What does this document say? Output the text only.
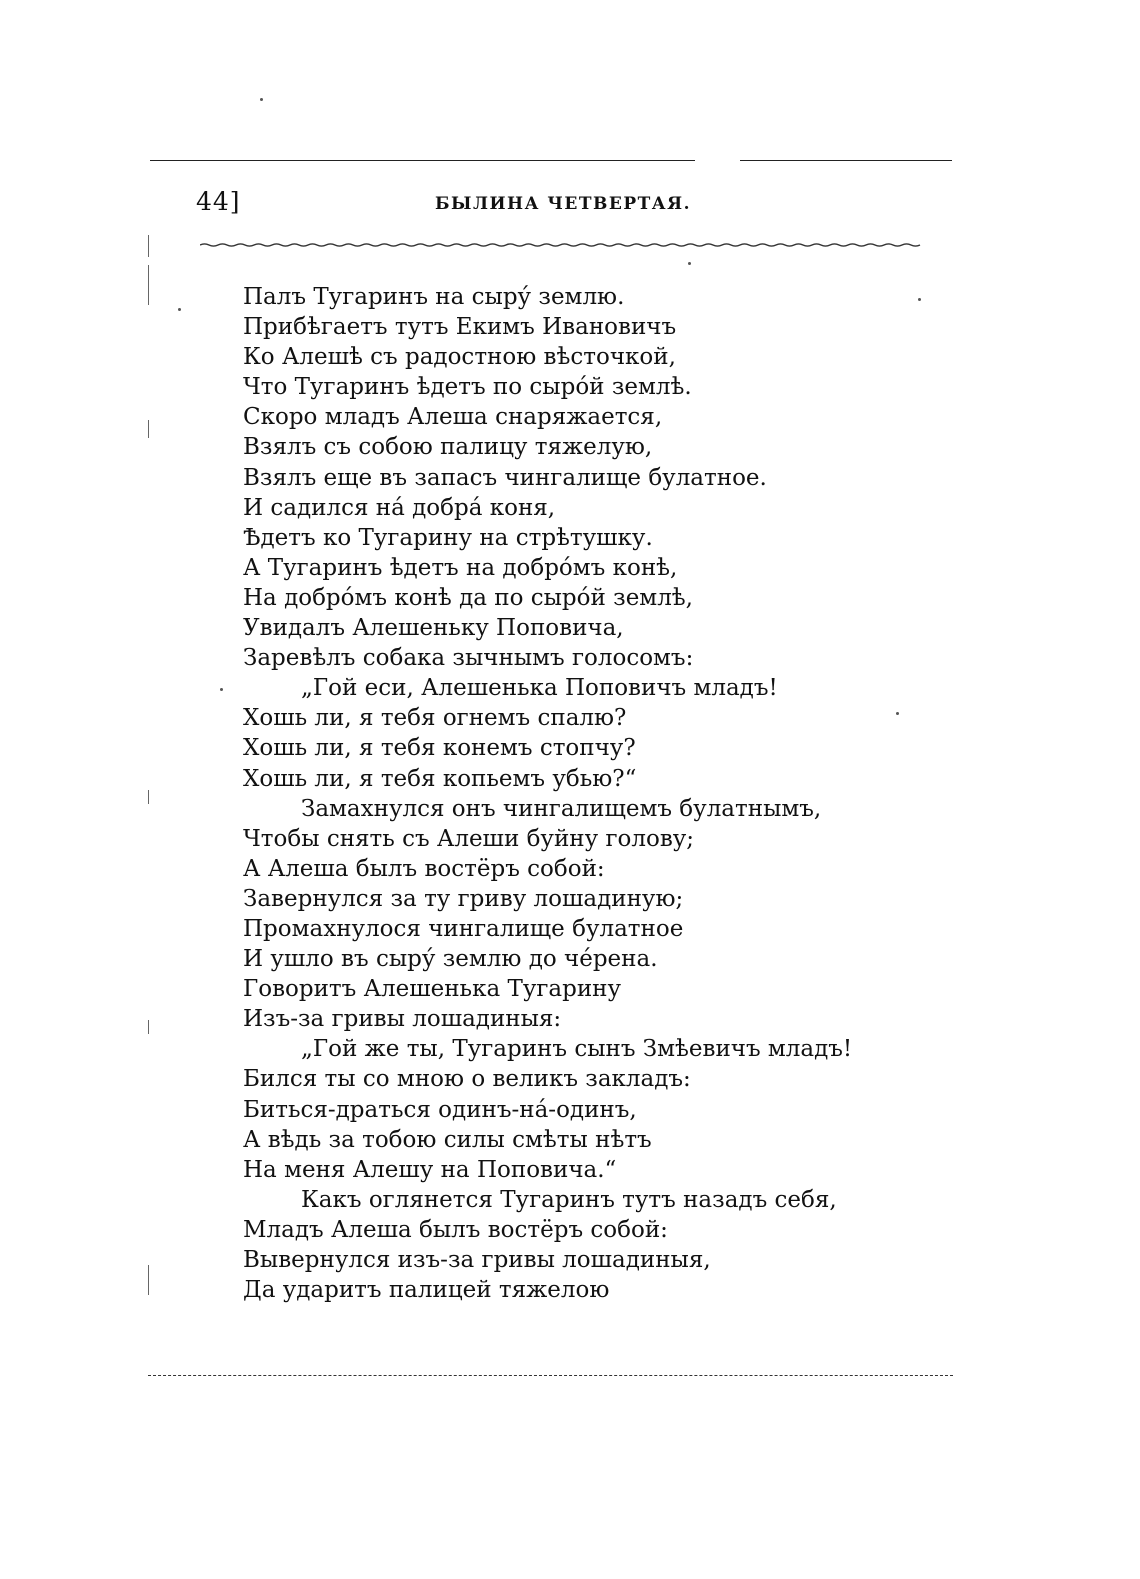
44]	БЫЛИНА ЧЕТВЕРТАЯ.
Палъ Тугаринъ на сыру́ землю.
Прибѣгаетъ тутъ Екимъ Ивановичъ
Ко Алешѣ съ радостною вѣсточкой,
Что Тугаринъ ѣдетъ по сыро́й землѣ.
Скоро младъ Алеша снаряжается,
Взялъ съ собою палицу тяжелую,
Взялъ еще въ запасъ чингалище булатное.
И садился на́ добра́ коня,
Ѣдетъ ко Тугарину на стрѣтушку.
А Тугаринъ ѣдетъ на добро́мъ конѣ,
На добро́мъ конѣ да по сыро́й землѣ,
Увидалъ Алешеньку Поповича,
Заревѣлъ собака зычнымъ голосомъ:
„Гой еси, Алешенька Поповичъ младъ!
Хошь ли, я тебя огнемъ спалю?
Хошь ли, я тебя конемъ стопчу?
Хошь ли, я тебя копьемъ убью?“
Замахнулся онъ чингалищемъ булатнымъ,
Чтобы снять съ Алеши буйну голову;
А Алеша былъ востёръ собой:
Завернулся за ту гриву лошадиную;
Промахнулося чингалище булатное
И ушло въ сыру́ землю до че́рена.
Говоритъ Алешенька Тугарину
Изъ-за гривы лошадиныя:
„Гой же ты, Тугаринъ сынъ Змѣевичъ младъ!
Бился ты со мною о великъ закладъ:
Биться-драться одинъ-на́-одинъ,
А вѣдь за тобою силы смѣты нѣтъ
На меня Алешу на Поповича.“
Какъ оглянется Тугаринъ тутъ назадъ себя,
Младъ Алеша былъ востёръ собой:
Вывернулся изъ-за гривы лошадиныя,
Да ударитъ палицей тяжелою
